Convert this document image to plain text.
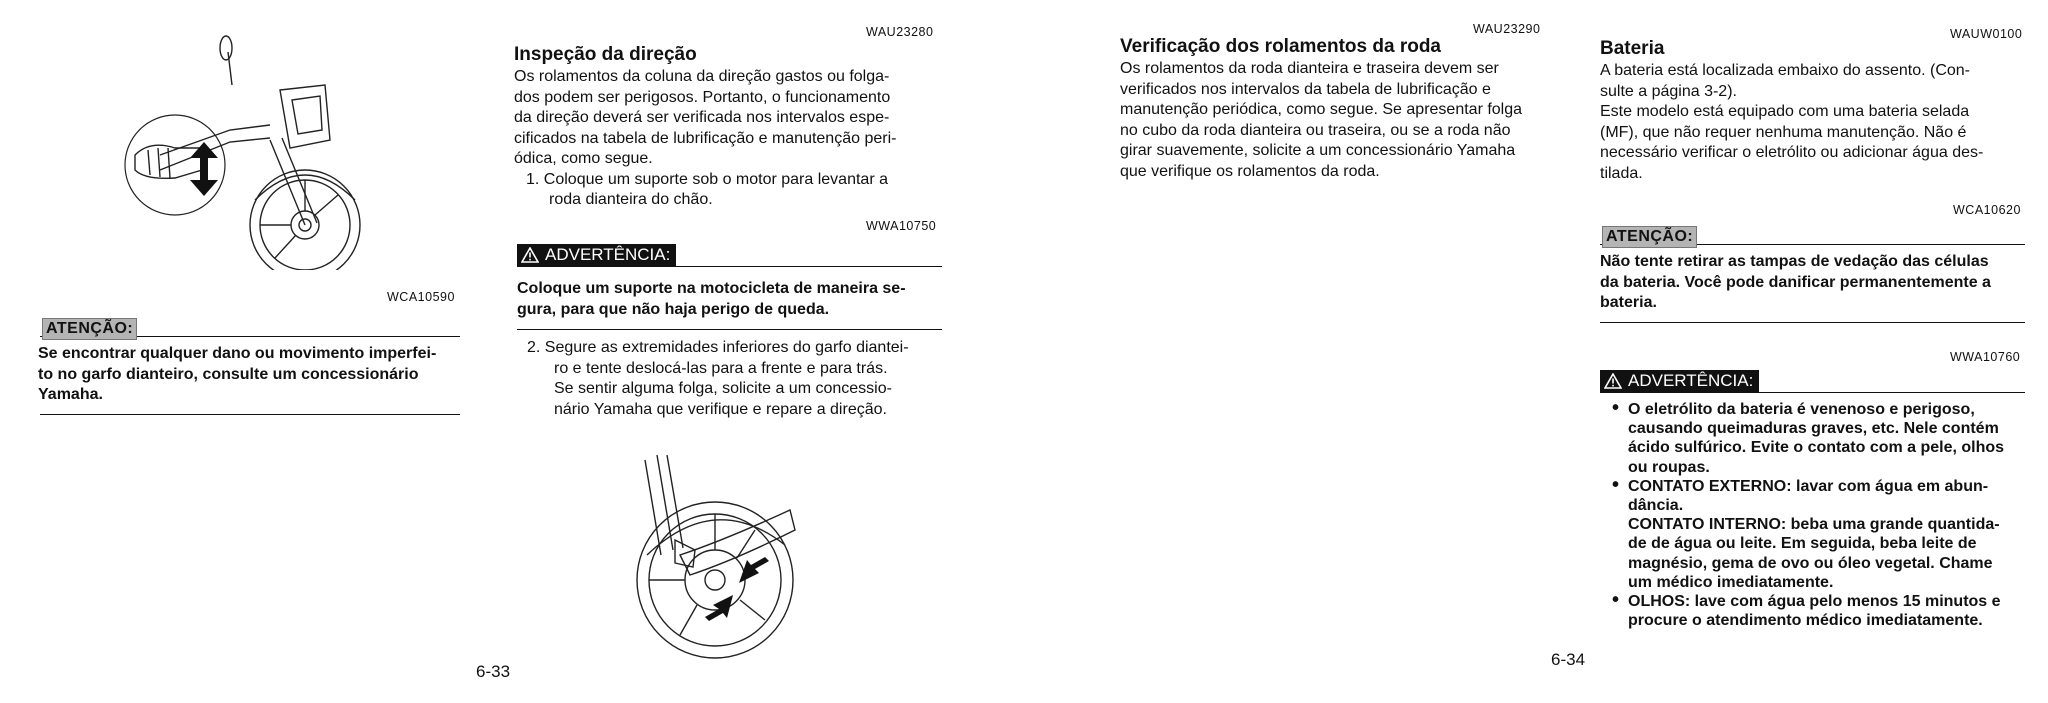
WCA10590
ATENÇÃO:
Se encontrar qualquer dano ou movimento imperfei-
to no garfo dianteiro, consulte um concessionário
Yamaha.
WAU23280
Inspeção da direção
Os rolamentos da coluna da direção gastos ou folga-
dos podem ser perigosos. Portanto, o funcionamento
da direção deverá ser verificada nos intervalos espe-
cificados na tabela de lubrificação e manutenção peri-
ódica, como segue.
1. Coloque um suporte sob o motor para levantar a
roda dianteira do chão.
WWA10750
ADVERTÊNCIA:
Coloque um suporte na motocicleta de maneira se-
gura, para que não haja perigo de queda.
2. Segure as extremidades inferiores do garfo diantei-
ro e tente deslocá-las para a frente e para trás.
Se sentir alguma folga, solicite a um concessio-
nário Yamaha que verifique e repare a direção.
6-33
WAU23290
Verificação dos rolamentos da roda
Os rolamentos da roda dianteira e traseira devem ser
verificados nos intervalos da tabela de lubrificação e
manutenção periódica, como segue. Se apresentar folga
no cubo da roda dianteira ou traseira, ou se a roda não
girar suavemente, solicite a um concessionário Yamaha
que verifique os rolamentos da roda.
6-34
WAUW0100
Bateria
A bateria está localizada embaixo do assento. (Con-
sulte a página 3-2).
Este modelo está equipado com uma bateria selada
(MF), que não requer nenhuma manutenção. Não é
necessário verificar o eletrólito ou adicionar água des-
tilada.
WCA10620
ATENÇÃO:
Não tente retirar as tampas de vedação das células
da bateria. Você pode danificar permanentemente a
bateria.
WWA10760
ADVERTÊNCIA:
• O eletrólito da bateria é venenoso e perigoso,
causando queimaduras graves, etc. Nele contém
ácido sulfúrico. Evite o contato com a pele, olhos
ou roupas.
• CONTATO EXTERNO: lavar com água em abun-
dância.
CONTATO INTERNO: beba uma grande quantida-
de de água ou leite. Em seguida, beba leite de
magnésio, gema de ovo ou óleo vegetal. Chame
um médico imediatamente.
• OLHOS: lave com água pelo menos 15 minutos e
procure o atendimento médico imediatamente.
